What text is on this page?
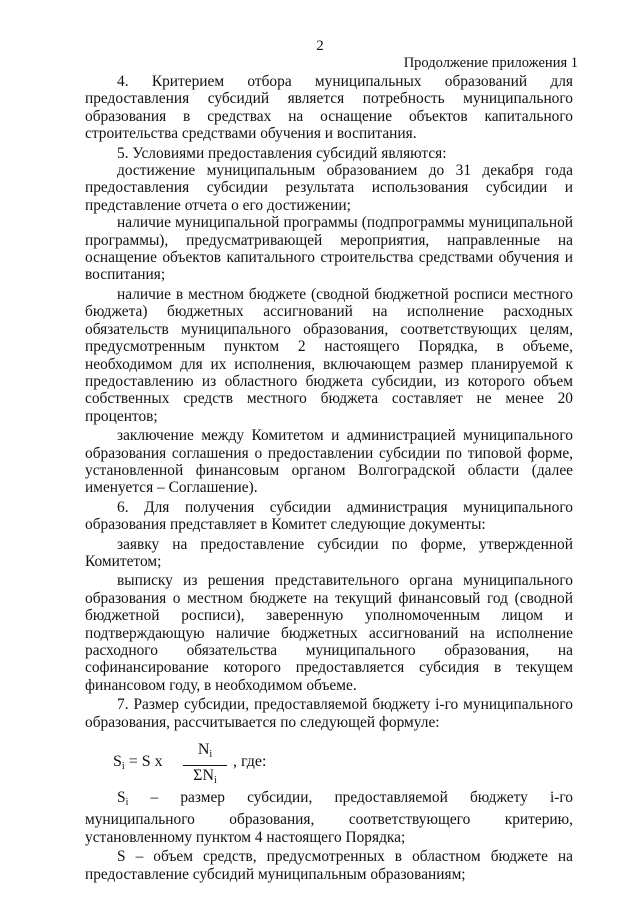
2
Продолжение приложения 1

4. Критерием отбора муниципальных образований для предоставления субсидий является потребность муниципального образования в средствах на оснащение объектов капитального строительства средствами обучения и воспитания.

5. Условиями предоставления субсидий являются:

достижение муниципальным образованием до 31 декабря года предоставления субсидии результата использования субсидии и представление отчета о его достижении;

наличие муниципальной программы (подпрограммы муниципальной программы), предусматривающей мероприятия, направленные на оснащение объектов капитального строительства средствами обучения и воспитания;

наличие в местном бюджете (сводной бюджетной росписи местного бюджета) бюджетных ассигнований на исполнение расходных обязательств муниципального образования, соответствующих целям, предусмотренным пунктом 2 настоящего Порядка, в объеме, необходимом для их исполнения, включающем размер планируемой к предоставлению из областного бюджета субсидии, из которого объем собственных средств местного бюджета составляет не менее 20 процентов;

заключение между Комитетом и администрацией муниципального образования соглашения о предоставлении субсидии по типовой форме, установленной финансовым органом Волгоградской области (далее именуется – Соглашение).

6. Для получения субсидии администрация муниципального образования представляет в Комитет следующие документы:

заявку на предоставление субсидии по форме, утвержденной Комитетом;

выписку из решения представительного органа муниципального образования о местном бюджете на текущий финансовый год (сводной бюджетной росписи), заверенную уполномоченным лицом и подтверждающую наличие бюджетных ассигнований на исполнение расходного обязательства муниципального образования, на софинансирование которого предоставляется субсидия в текущем финансовом году, в необходимом объеме.

7. Размер субсидии, предоставляемой бюджету i-го муниципального образования, рассчитывается по следующей формуле:

$S_i = S$ x
$N_i$
$\Sigma N_i$
, где:

$S_i$ – размер субсидии, предоставляемой бюджету i-го муниципального образования, соответствующего критерию, установленному пунктом 4 настоящего Порядка;

S – объем средств, предусмотренных в областном бюджете на предоставление субсидий муниципальным образованиям;
